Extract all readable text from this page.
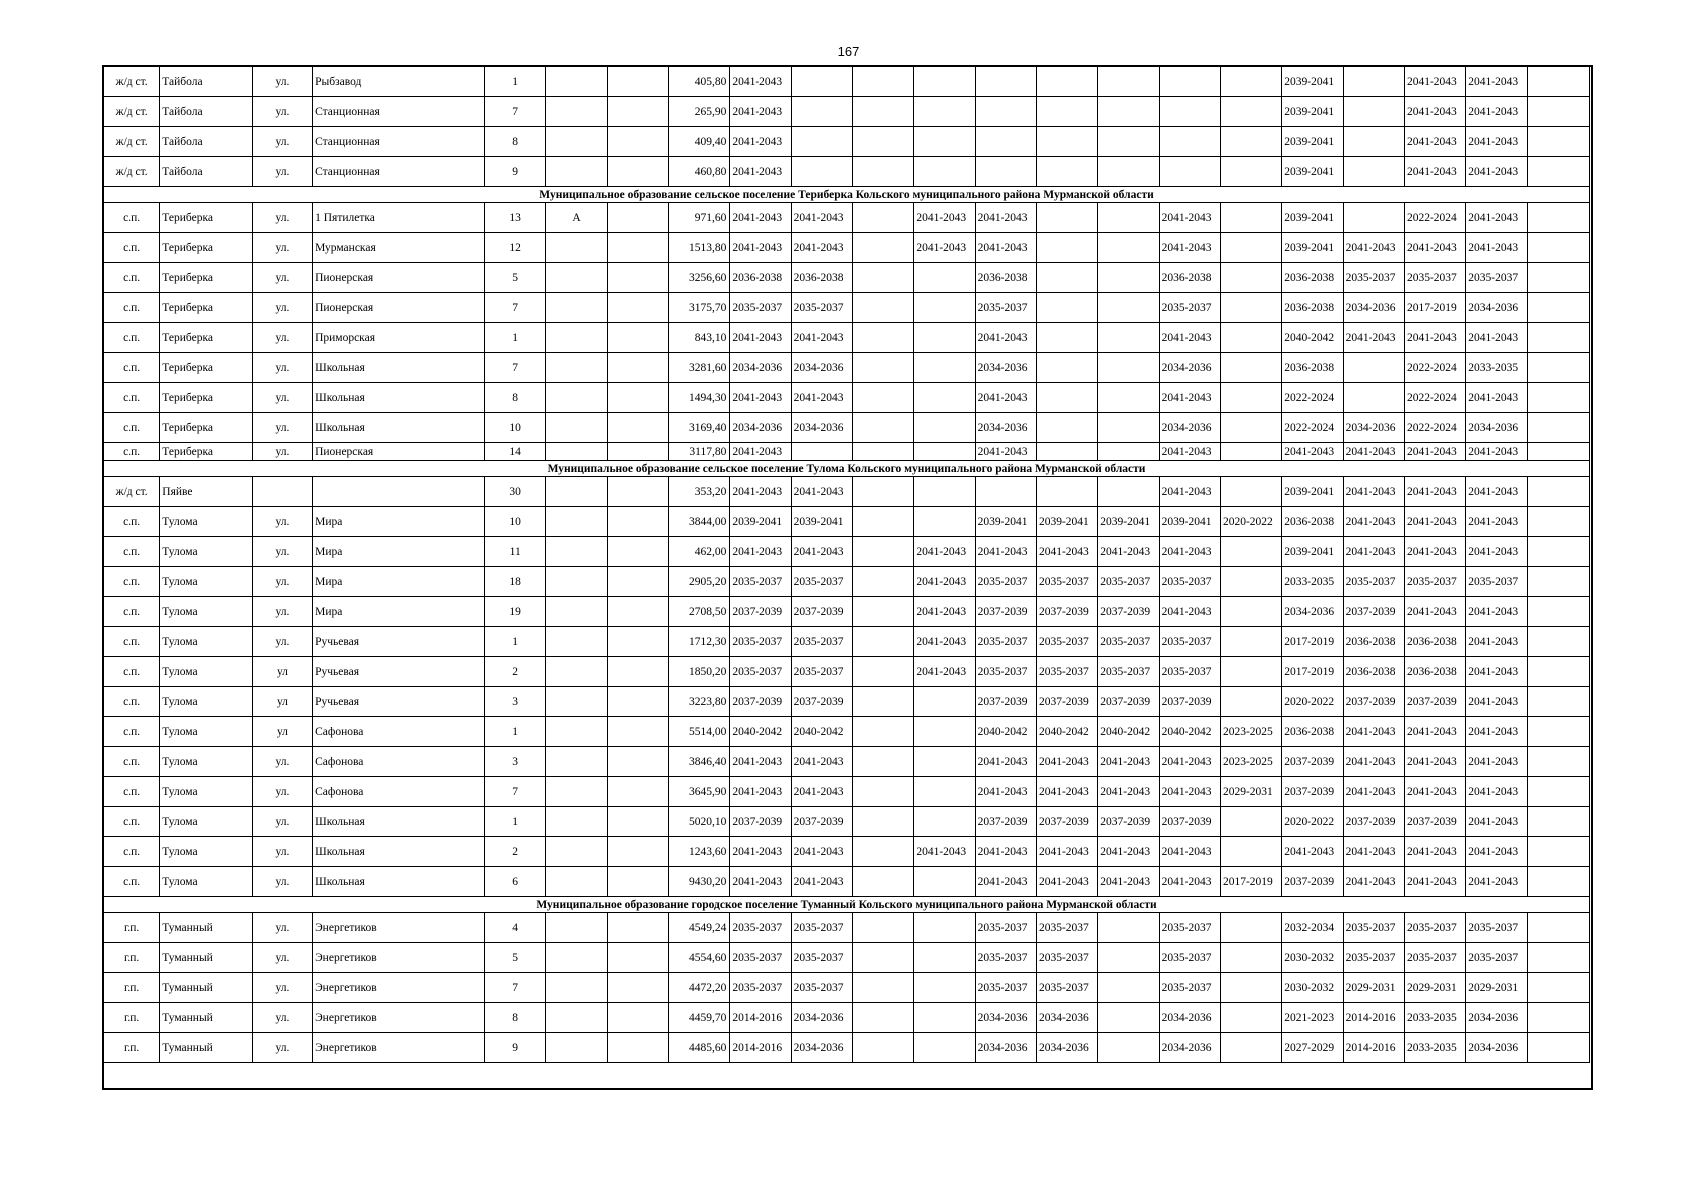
167
ж/д ст.	Тайбола	ул.	Рыбзавод	1			405,80	2041-2043									2039-2041		2041-2043	2041-2043	
ж/д ст.	Тайбола	ул.	Станционная	7			265,90	2041-2043									2039-2041		2041-2043	2041-2043	
ж/д ст.	Тайбола	ул.	Станционная	8			409,40	2041-2043									2039-2041		2041-2043	2041-2043	
ж/д ст.	Тайбола	ул.	Станционная	9			460,80	2041-2043									2039-2041		2041-2043	2041-2043	
Муниципальное образование сельское поселение Териберка Кольского муниципального района Мурманской области																					
с.п.	Териберка	ул.	1 Пятилетка	13	А		971,60	2041-2043	2041-2043		2041-2043	2041-2043			2041-2043		2039-2041		2022-2024	2041-2043	
с.п.	Териберка	ул.	Мурманская	12			1513,80	2041-2043	2041-2043		2041-2043	2041-2043			2041-2043		2039-2041	2041-2043	2041-2043	2041-2043	
с.п.	Териберка	ул.	Пионерская	5			3256,60	2036-2038	2036-2038			2036-2038			2036-2038		2036-2038	2035-2037	2035-2037	2035-2037	
с.п.	Териберка	ул.	Пионерская	7			3175,70	2035-2037	2035-2037			2035-2037			2035-2037		2036-2038	2034-2036	2017-2019	2034-2036	
с.п.	Териберка	ул.	Приморская	1			843,10	2041-2043	2041-2043			2041-2043			2041-2043		2040-2042	2041-2043	2041-2043	2041-2043	
с.п.	Териберка	ул.	Школьная	7			3281,60	2034-2036	2034-2036			2034-2036			2034-2036		2036-2038		2022-2024	2033-2035	
с.п.	Териберка	ул.	Школьная	8			1494,30	2041-2043	2041-2043			2041-2043			2041-2043		2022-2024		2022-2024	2041-2043	
с.п.	Териберка	ул.	Школьная	10			3169,40	2034-2036	2034-2036			2034-2036			2034-2036		2022-2024	2034-2036	2022-2024	2034-2036	
с.п.	Териберка	ул.	Пионерская	14			3117,80	2041-2043				2041-2043			2041-2043		2041-2043	2041-2043	2041-2043	2041-2043	
Муниципальное образование сельское поселение Тулома Кольского муниципального района Мурманской области																					
ж/д ст.	Пяйве			30			353,20	2041-2043	2041-2043						2041-2043		2039-2041	2041-2043	2041-2043	2041-2043	
с.п.	Тулома	ул.	Мира	10			3844,00	2039-2041	2039-2041			2039-2041	2039-2041	2039-2041	2039-2041	2020-2022	2036-2038	2041-2043	2041-2043	2041-2043	
с.п.	Тулома	ул.	Мира	11			462,00	2041-2043	2041-2043		2041-2043	2041-2043	2041-2043	2041-2043	2041-2043		2039-2041	2041-2043	2041-2043	2041-2043	
с.п.	Тулома	ул.	Мира	18			2905,20	2035-2037	2035-2037		2041-2043	2035-2037	2035-2037	2035-2037	2035-2037		2033-2035	2035-2037	2035-2037	2035-2037	
с.п.	Тулома	ул.	Мира	19			2708,50	2037-2039	2037-2039		2041-2043	2037-2039	2037-2039	2037-2039	2041-2043		2034-2036	2037-2039	2041-2043	2041-2043	
с.п.	Тулома	ул.	Ручьевая	1			1712,30	2035-2037	2035-2037		2041-2043	2035-2037	2035-2037	2035-2037	2035-2037		2017-2019	2036-2038	2036-2038	2041-2043	
с.п.	Тулома	ул	Ручьевая	2			1850,20	2035-2037	2035-2037		2041-2043	2035-2037	2035-2037	2035-2037	2035-2037		2017-2019	2036-2038	2036-2038	2041-2043	
с.п.	Тулома	ул	Ручьевая	3			3223,80	2037-2039	2037-2039			2037-2039	2037-2039	2037-2039	2037-2039		2020-2022	2037-2039	2037-2039	2041-2043	
с.п.	Тулома	ул	Сафонова	1			5514,00	2040-2042	2040-2042			2040-2042	2040-2042	2040-2042	2040-2042	2023-2025	2036-2038	2041-2043	2041-2043	2041-2043	
с.п.	Тулома	ул.	Сафонова	3			3846,40	2041-2043	2041-2043			2041-2043	2041-2043	2041-2043	2041-2043	2023-2025	2037-2039	2041-2043	2041-2043	2041-2043	
с.п.	Тулома	ул.	Сафонова	7			3645,90	2041-2043	2041-2043			2041-2043	2041-2043	2041-2043	2041-2043	2029-2031	2037-2039	2041-2043	2041-2043	2041-2043	
с.п.	Тулома	ул.	Школьная	1			5020,10	2037-2039	2037-2039			2037-2039	2037-2039	2037-2039	2037-2039		2020-2022	2037-2039	2037-2039	2041-2043	
с.п.	Тулома	ул.	Школьная	2			1243,60	2041-2043	2041-2043		2041-2043	2041-2043	2041-2043	2041-2043	2041-2043		2041-2043	2041-2043	2041-2043	2041-2043	
с.п.	Тулома	ул.	Школьная	6			9430,20	2041-2043	2041-2043			2041-2043	2041-2043	2041-2043	2041-2043	2017-2019	2037-2039	2041-2043	2041-2043	2041-2043	
Муниципальное образование городское поселение Туманный Кольского муниципального района Мурманской области																					
г.п.	Туманный	ул.	Энергетиков	4			4549,24	2035-2037	2035-2037			2035-2037	2035-2037		2035-2037		2032-2034	2035-2037	2035-2037	2035-2037	
г.п.	Туманный	ул.	Энергетиков	5			4554,60	2035-2037	2035-2037			2035-2037	2035-2037		2035-2037		2030-2032	2035-2037	2035-2037	2035-2037	
г.п.	Туманный	ул.	Энергетиков	7			4472,20	2035-2037	2035-2037			2035-2037	2035-2037		2035-2037		2030-2032	2029-2031	2029-2031	2029-2031	
г.п.	Туманный	ул.	Энергетиков	8			4459,70	2014-2016	2034-2036			2034-2036	2034-2036		2034-2036		2021-2023	2014-2016	2033-2035	2034-2036	
г.п.	Туманный	ул.	Энергетиков	9			4485,60	2014-2016	2034-2036			2034-2036	2034-2036		2034-2036		2027-2029	2014-2016	2033-2035	2034-2036	
